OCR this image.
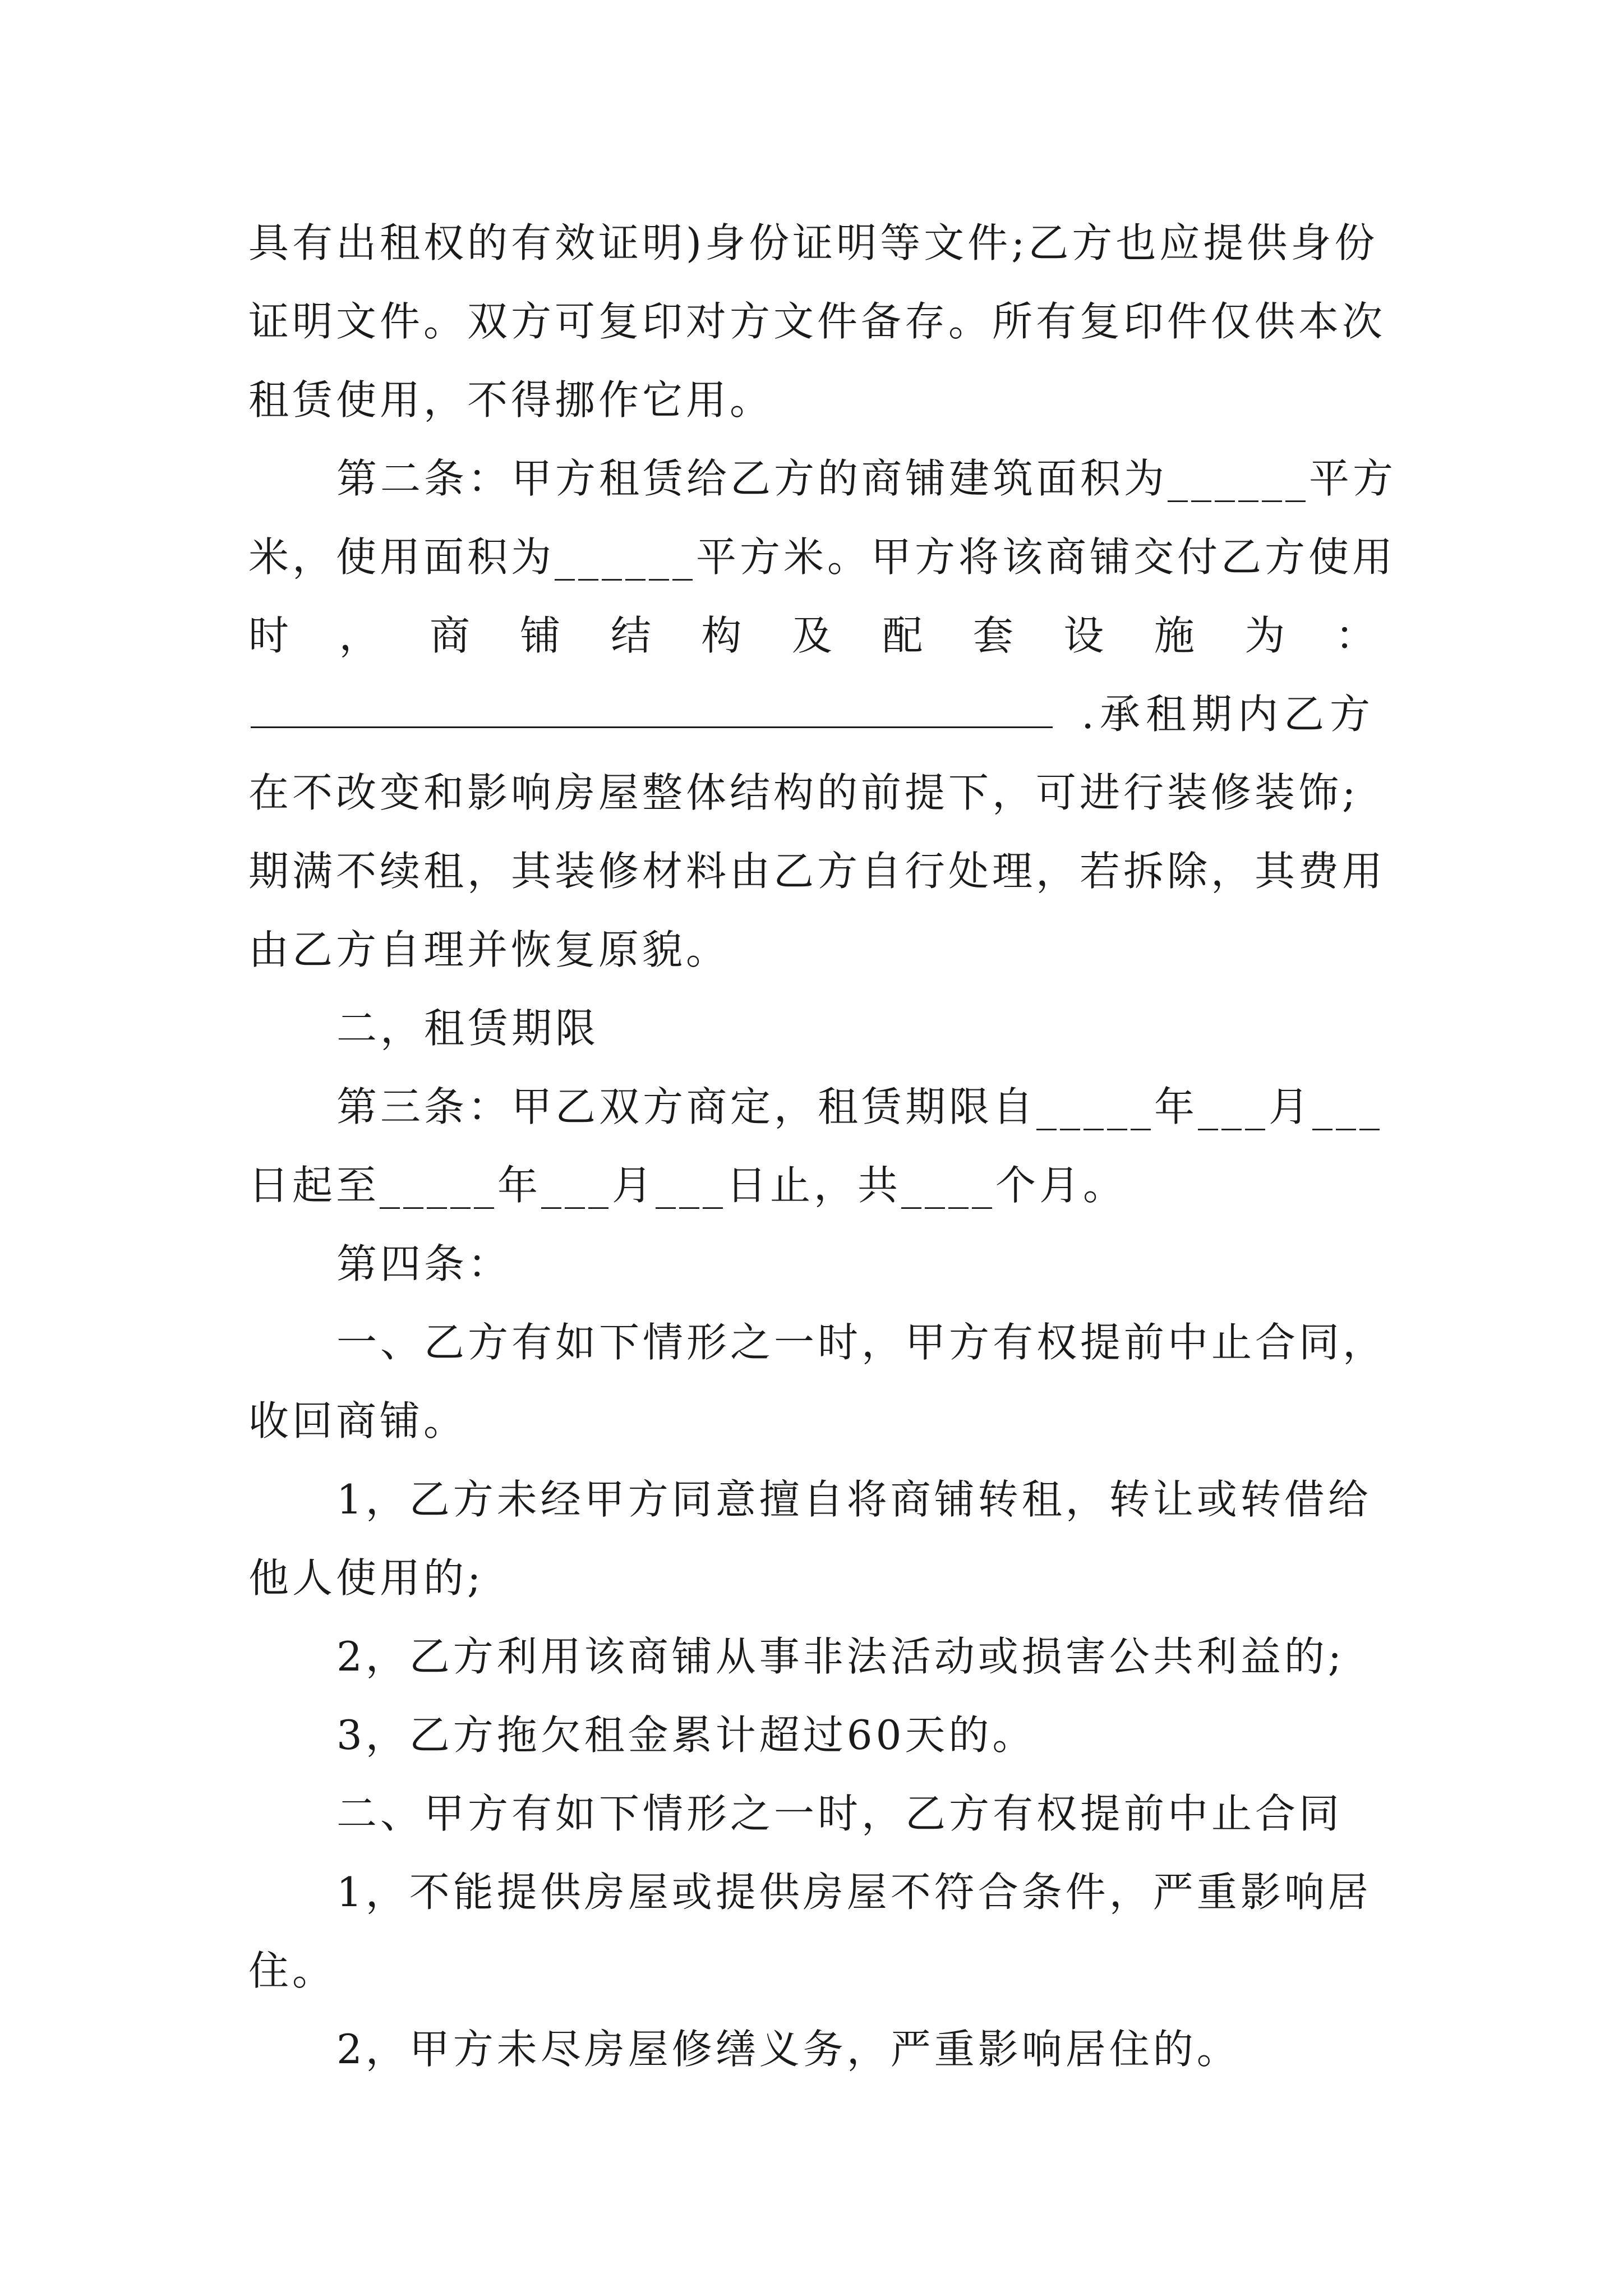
具有出租权的有效证明)身份证明等文件;乙方也应提供身份
证明文件。双方可复印对方文件备存。所有复印件仅供本次
租赁使用，不得挪作它用。
第二条：甲方租赁给乙方的商铺建筑面积为______平方
米，使用面积为______平方米。甲方将该商铺交付乙方使用
时 ， 商 铺 结 构 及 配 套 设 施 为 ：
.承租期内乙方
在不改变和影响房屋整体结构的前提下，可进行装修装饰;
期满不续租，其装修材料由乙方自行处理，若拆除，其费用
由乙方自理并恢复原貌。
二，租赁期限
第三条：甲乙双方商定，租赁期限自_____年___月___
日起至_____年___月___日止，共____个月。
第四条：
一、乙方有如下情形之一时，甲方有权提前中止合同，
收回商铺。
1，乙方未经甲方同意擅自将商铺转租，转让或转借给
他人使用的;
2，乙方利用该商铺从事非法活动或损害公共利益的;
3，乙方拖欠租金累计超过60天的。
二、甲方有如下情形之一时，乙方有权提前中止合同
1，不能提供房屋或提供房屋不符合条件，严重影响居
住。
2，甲方未尽房屋修缮义务，严重影响居住的。
